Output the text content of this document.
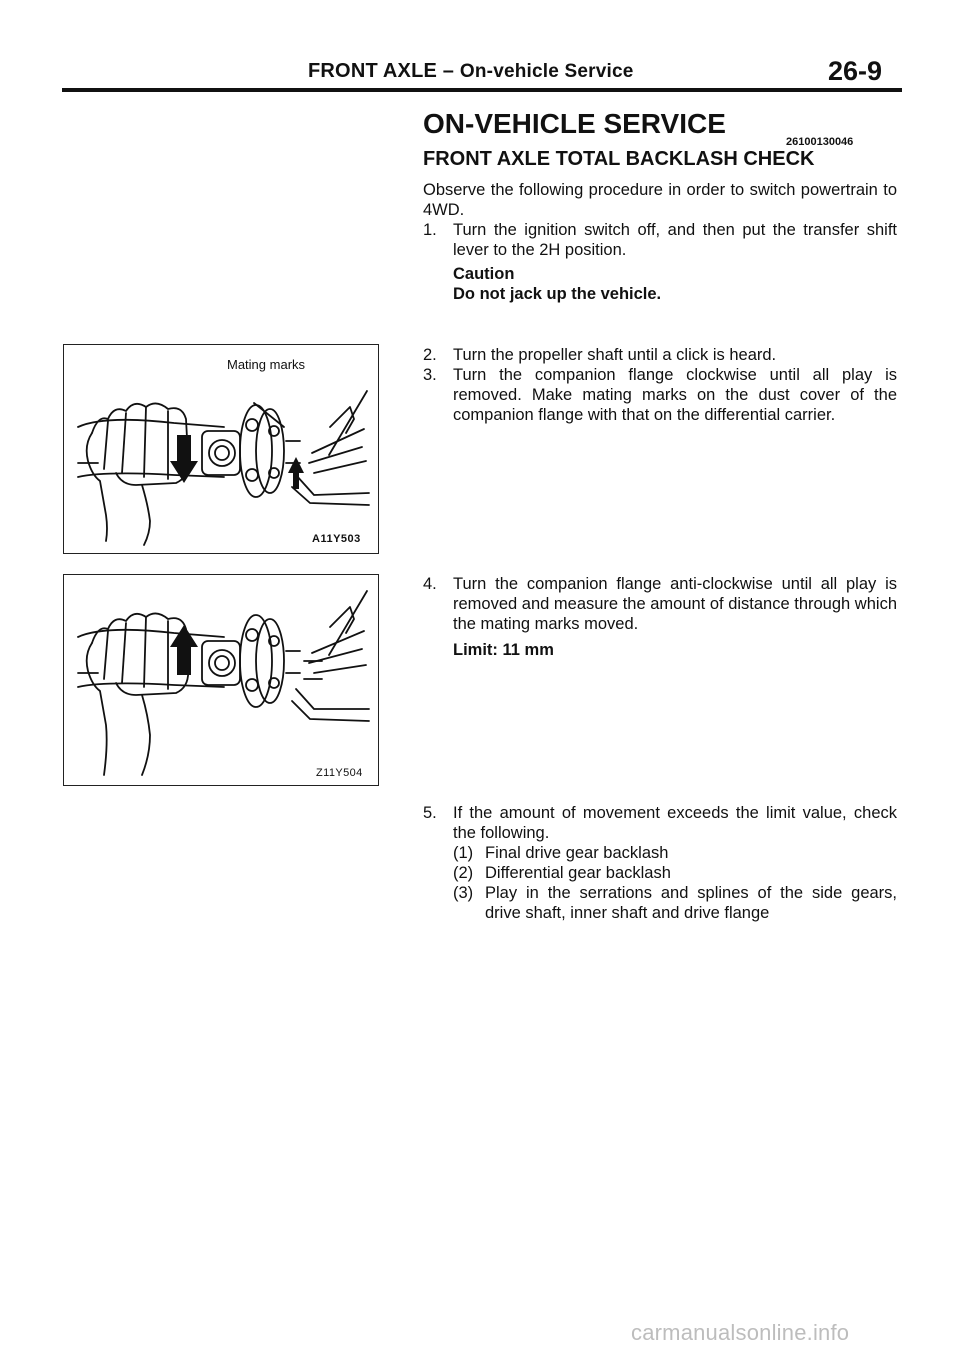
FRONT AXLE – On-vehicle Service	26-9
ON-VEHICLE SERVICE
26100130046
FRONT AXLE TOTAL BACKLASH CHECK
Observe the following procedure in order to switch powertrain to 4WD.
1. Turn the ignition switch off, and then put the transfer shift lever to the 2H position.
Caution
Do not jack up the vehicle.
2. Turn the propeller shaft until a click is heard.
3. Turn the companion flange clockwise until all play is removed. Make mating marks on the dust cover of the companion flange with that on the differential carrier.
4. Turn the companion flange anti-clockwise until all play is removed and measure the amount of distance through which the mating marks moved.
Limit: 11 mm
5. If the amount of movement exceeds the limit value, check the following.
(1) Final drive gear backlash
(2) Differential gear backlash
(3) Play in the serrations and splines of the side gears, drive shaft, inner shaft and drive flange
Mating marks
A11Y503
Z11Y504
carmanualsonline.info
